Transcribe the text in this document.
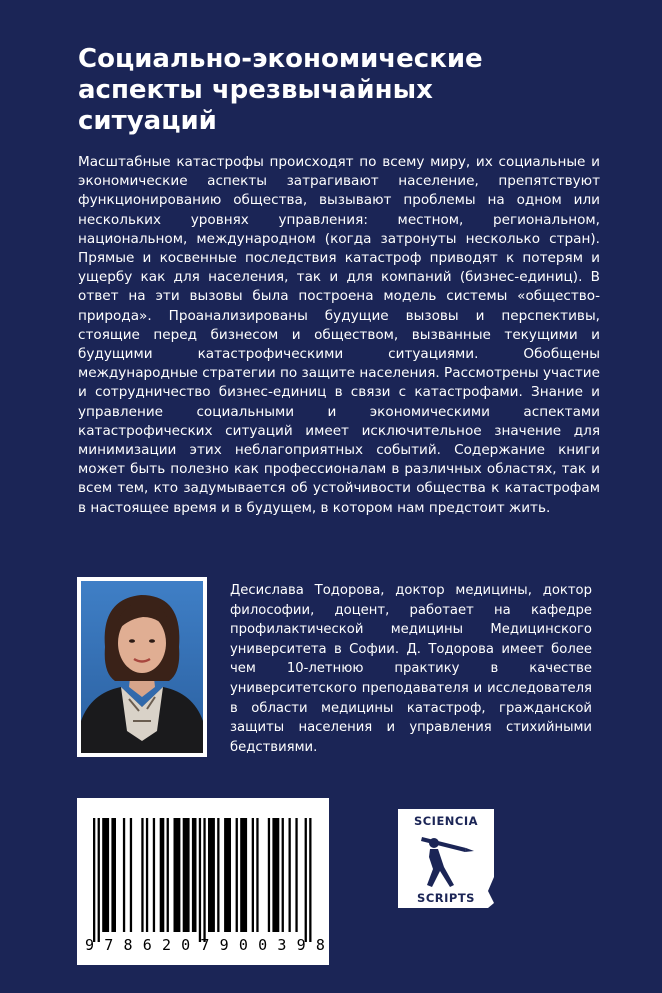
Социально-экономические
аспекты чрезвычайных
ситуаций

Масштабные катастрофы происходят по всему миру, их социальные и экономические аспекты затрагивают население, препятствуют функционированию общества, вызывают проблемы на одном или нескольких уровнях управления: местном, региональном, национальном, международном (когда затронуты несколько стран). Прямые и косвенные последствия катастроф приводят к потерям и ущербу как для населения, так и для компаний (бизнес-единиц). В ответ на эти вызовы была построена модель системы «общество-природа». Проанализированы будущие вызовы и перспективы, стоящие перед бизнесом и обществом, вызванные текущими и будущими катастрофическими ситуациями. Обобщены международные стратегии по защите населения. Рассмотрены участие и сотрудничество бизнес-единиц в связи с катастрофами. Знание и управление социальными и экономическими аспектами катастрофических ситуаций имеет исключительное значение для минимизации этих неблагоприятных событий. Содержание книги может быть полезно как профессионалам в различных областях, так и всем тем, кто задумывается об устойчивости общества к катастрофам в настоящее время и в будущем, в котором нам предстоит жить.

Десислава Тодорова, доктор медицины, доктор философии, доцент, работает на кафедре профилактической медицины Медицинского университета в Софии. Д. Тодорова имеет более чем 10-летнюю практику в качестве университетского преподавателя и исследователя в области медицины катастроф, гражданской защиты населения и управления стихийными бедствиями.

9 7 8 6 2 0 7 9 0 0 3 9 8
SCIENCIA
SCRIPTS
